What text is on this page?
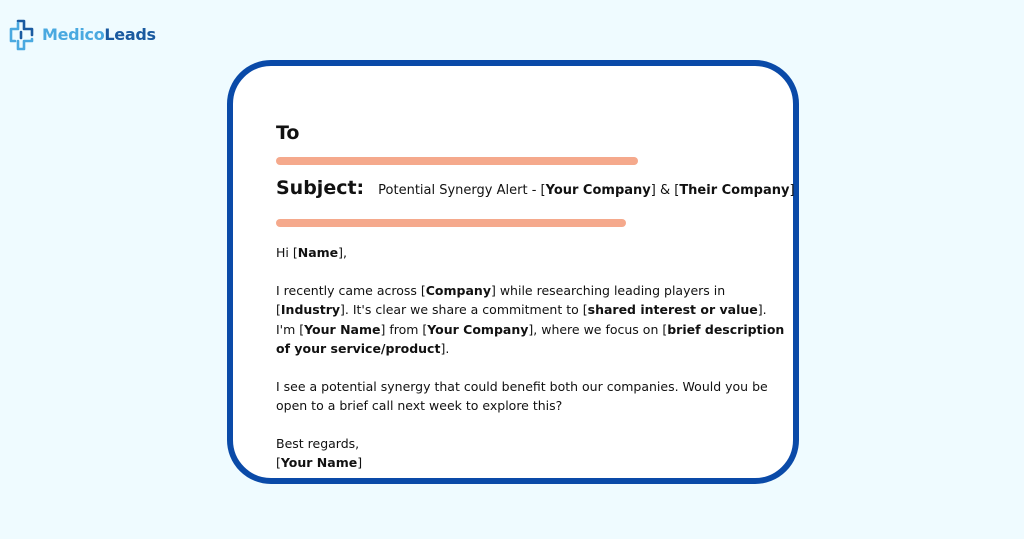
MedicoLeads
To
Subject: Potential Synergy Alert - [Your Company] & [Their Company]

Hi [Name],

I recently came across [Company] while researching leading players in [Industry]. It's clear we share a commitment to [shared interest or value]. I'm [Your Name] from [Your Company], where we focus on [brief description of your service/product].

I see a potential synergy that could benefit both our companies. Would you be open to a brief call next week to explore this?

Best regards,
[Your Name]
